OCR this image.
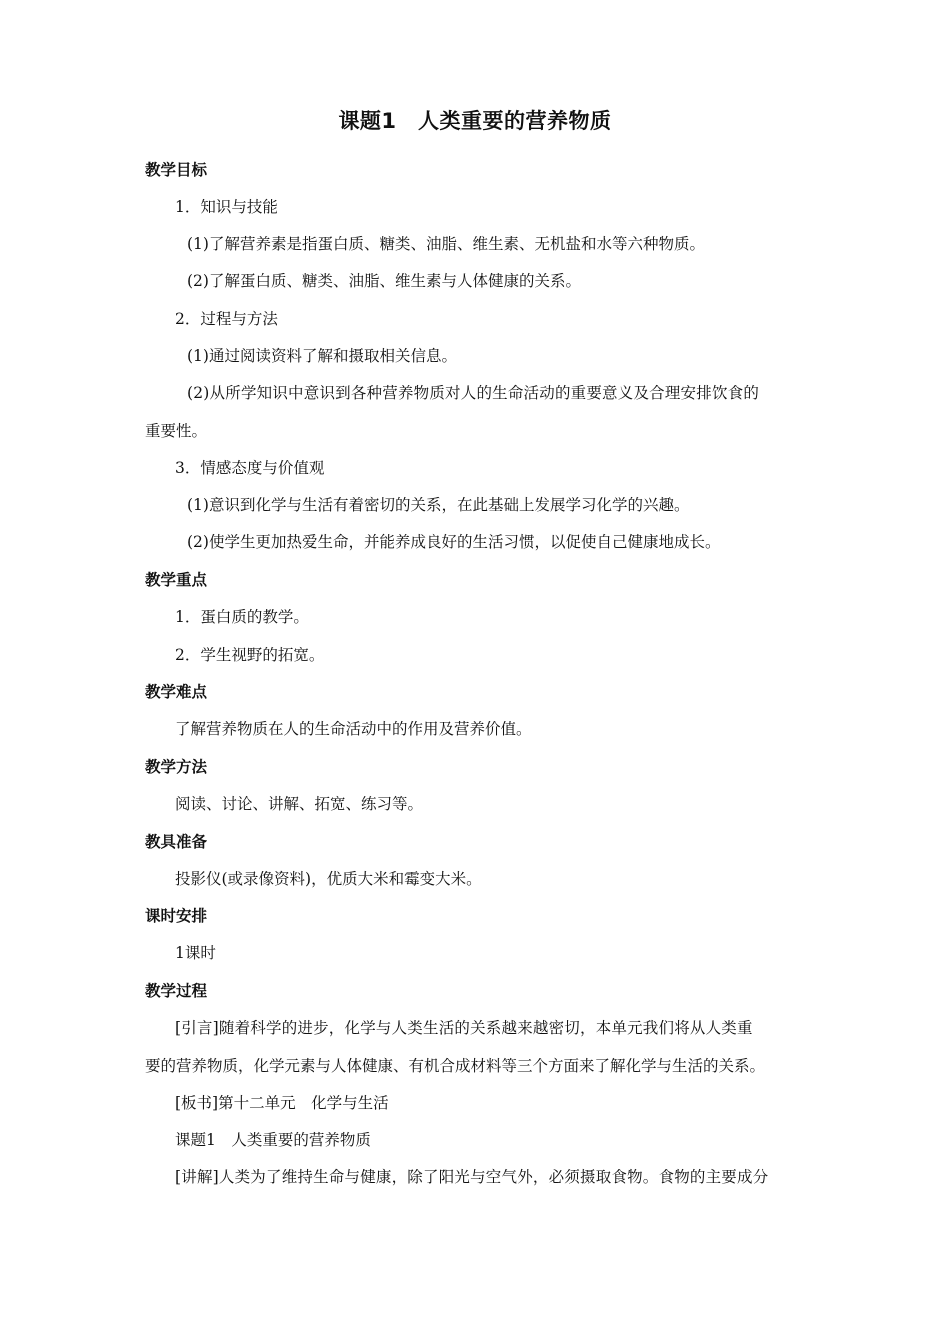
课题1　人类重要的营养物质
教学目标
1．知识与技能
(1)了解营养素是指蛋白质、糖类、油脂、维生素、无机盐和水等六种物质。
(2)了解蛋白质、糖类、油脂、维生素与人体健康的关系。
2．过程与方法
(1)通过阅读资料了解和摄取相关信息。
(2)从所学知识中意识到各种营养物质对人的生命活动的重要意义及合理安排饮食的
重要性。
3．情感态度与价值观
(1)意识到化学与生活有着密切的关系，在此基础上发展学习化学的兴趣。
(2)使学生更加热爱生命，并能养成良好的生活习惯，以促使自己健康地成长。
教学重点
1．蛋白质的教学。
2．学生视野的拓宽。
教学难点
了解营养物质在人的生命活动中的作用及营养价值。
教学方法
阅读、讨论、讲解、拓宽、练习等。
教具准备
投影仪(或录像资料)，优质大米和霉变大米。
课时安排
1课时
教学过程
[引言]随着科学的进步，化学与人类生活的关系越来越密切，本单元我们将从人类重
要的营养物质，化学元素与人体健康、有机合成材料等三个方面来了解化学与生活的关系。
[板书]第十二单元　化学与生活
课题1　人类重要的营养物质
[讲解]人类为了维持生命与健康，除了阳光与空气外，必须摄取食物。食物的主要成分
